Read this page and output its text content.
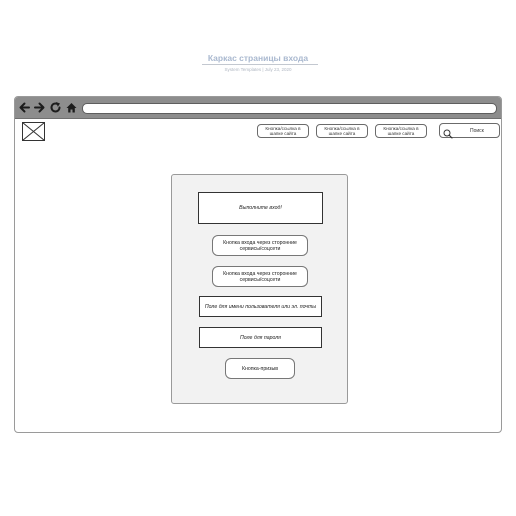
Каркас страницы входа
System Templates | July 23, 2020
Кнопка/ссылка в шапке сайта
Кнопка/ссылка в шапке сайта
Кнопка/ссылка в шапке сайта	Поиск
Выполните вход!
Кнопка входа через сторонние сервисы/соцсети
Кнопка входа через сторонние сервисы/соцсети
Поле для имени пользователя или эл. почты
Поле для пароля
Кнопка-призыв
